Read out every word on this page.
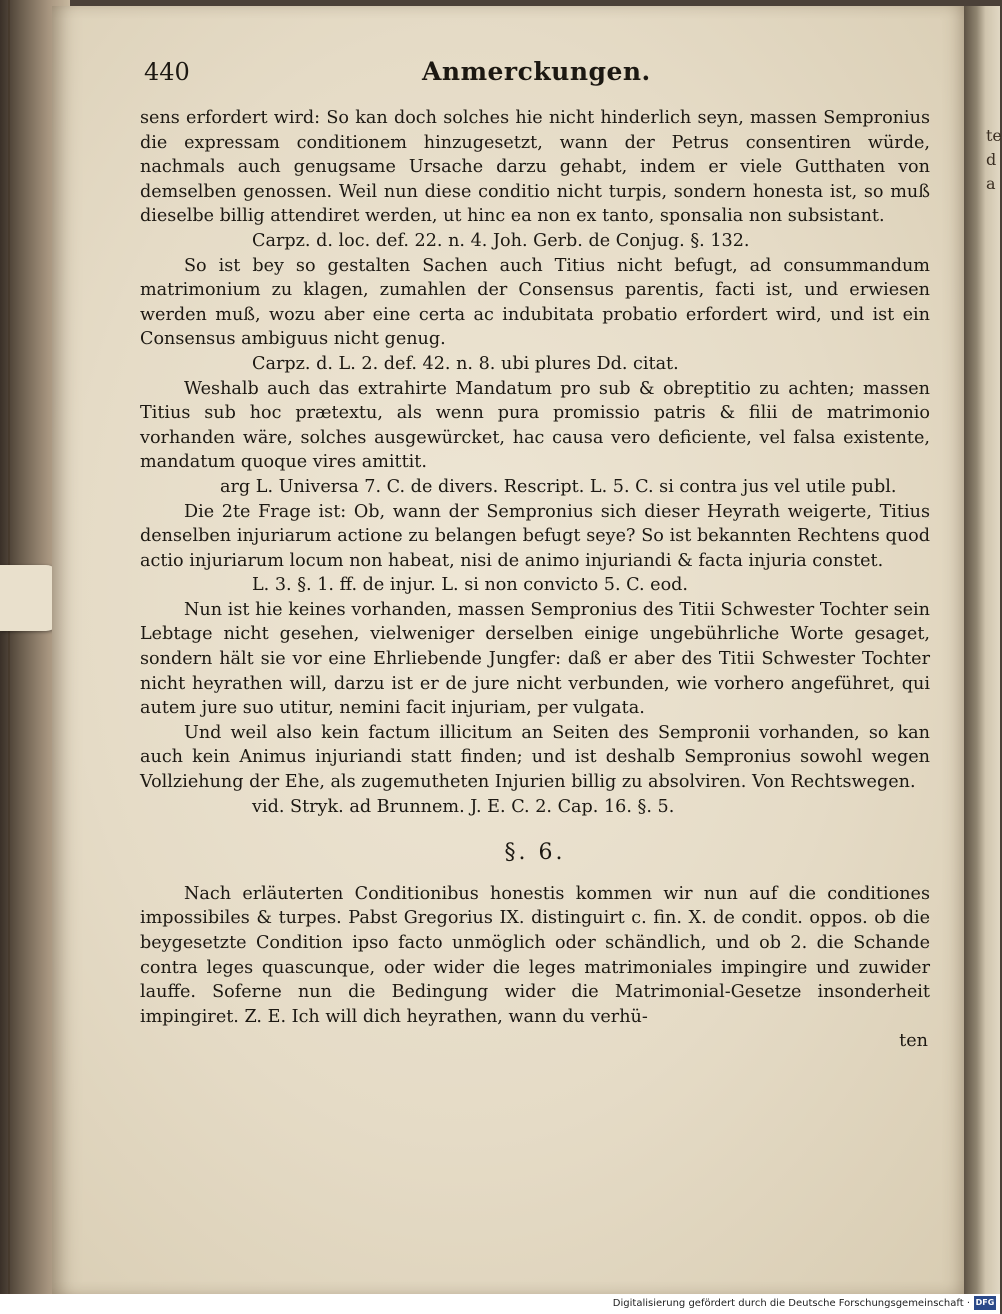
te
d
a
440	Anmerckungen.

sens erfordert wird: So kan doch solches hie nicht hinderlich seyn, massen Sempronius die expressam conditionem hinzugesetzt, wann der Petrus consentiren würde, nachmals auch genugsame Ursache darzu gehabt, indem er viele Gutthaten von demselben genossen. Weil nun diese conditio nicht turpis, sondern honesta ist, so muß dieselbe billig attendiret werden, ut hinc ea non ex tanto, sponsalia non subsistant.

Carpz. d. loc. def. 22. n. 4. Joh. Gerb. de Conjug. §. 132.

So ist bey so gestalten Sachen auch Titius nicht befugt, ad consummandum matrimonium zu klagen, zumahlen der Consensus parentis, facti ist, und erwiesen werden muß, wozu aber eine certa ac indubitata probatio erfordert wird, und ist ein Consensus ambiguus nicht genug.

Carpz. d. L. 2. def. 42. n. 8. ubi plures Dd. citat.

Weshalb auch das extrahirte Mandatum pro sub & obreptitio zu achten; massen Titius sub hoc prætextu, als wenn pura promissio patris & filii de matrimonio vorhanden wäre, solches ausgewürcket, hac causa vero deficiente, vel falsa existente, mandatum quoque vires amittit.

arg L. Universa 7. C. de divers. Rescript. L. 5. C. si contra jus vel utile publ.

Die 2te Frage ist: Ob, wann der Sempronius sich dieser Heyrath weigerte, Titius denselben injuriarum actione zu belangen befugt seye? So ist bekannten Rechtens quod actio injuriarum locum non habeat, nisi de animo injuriandi & facta injuria constet.

L. 3. §. 1. ff. de injur. L. si non convicto 5. C. eod.

Nun ist hie keines vorhanden, massen Sempronius des Titii Schwester Tochter sein Lebtage nicht gesehen, vielweniger derselben einige ungebührliche Worte gesaget, sondern hält sie vor eine Ehrliebende Jungfer: daß er aber des Titii Schwester Tochter nicht heyrathen will, darzu ist er de jure nicht verbunden, wie vorhero angeführet, qui autem jure suo utitur, nemini facit injuriam, per vulgata.

Und weil also kein factum illicitum an Seiten des Sempronii vorhanden, so kan auch kein Animus injuriandi statt finden; und ist deshalb Sempronius sowohl wegen Vollziehung der Ehe, als zugemutheten Injurien billig zu absolviren. Von Rechtswegen.

vid. Stryk. ad Brunnem. J. E. C. 2. Cap. 16. §. 5.

§. 6.

Nach erläuterten Conditionibus honestis kommen wir nun auf die conditiones impossibiles & turpes. Pabst Gregorius IX. distinguirt c. fin. X. de condit. oppos. ob die beygesetzte Condition ipso facto unmöglich oder schändlich, und ob 2. die Schande contra leges quascunque, oder wider die leges matrimoniales impingire und zuwider lauffe. Soferne nun die Bedingung wider die Matrimonial-Gesetze insonderheit impingiret. Z. E. Ich will dich heyrathen, wann du verhü-

ten

Digitalisierung gefördert durch die Deutsche Forschungsgemeinschaft · DFG
